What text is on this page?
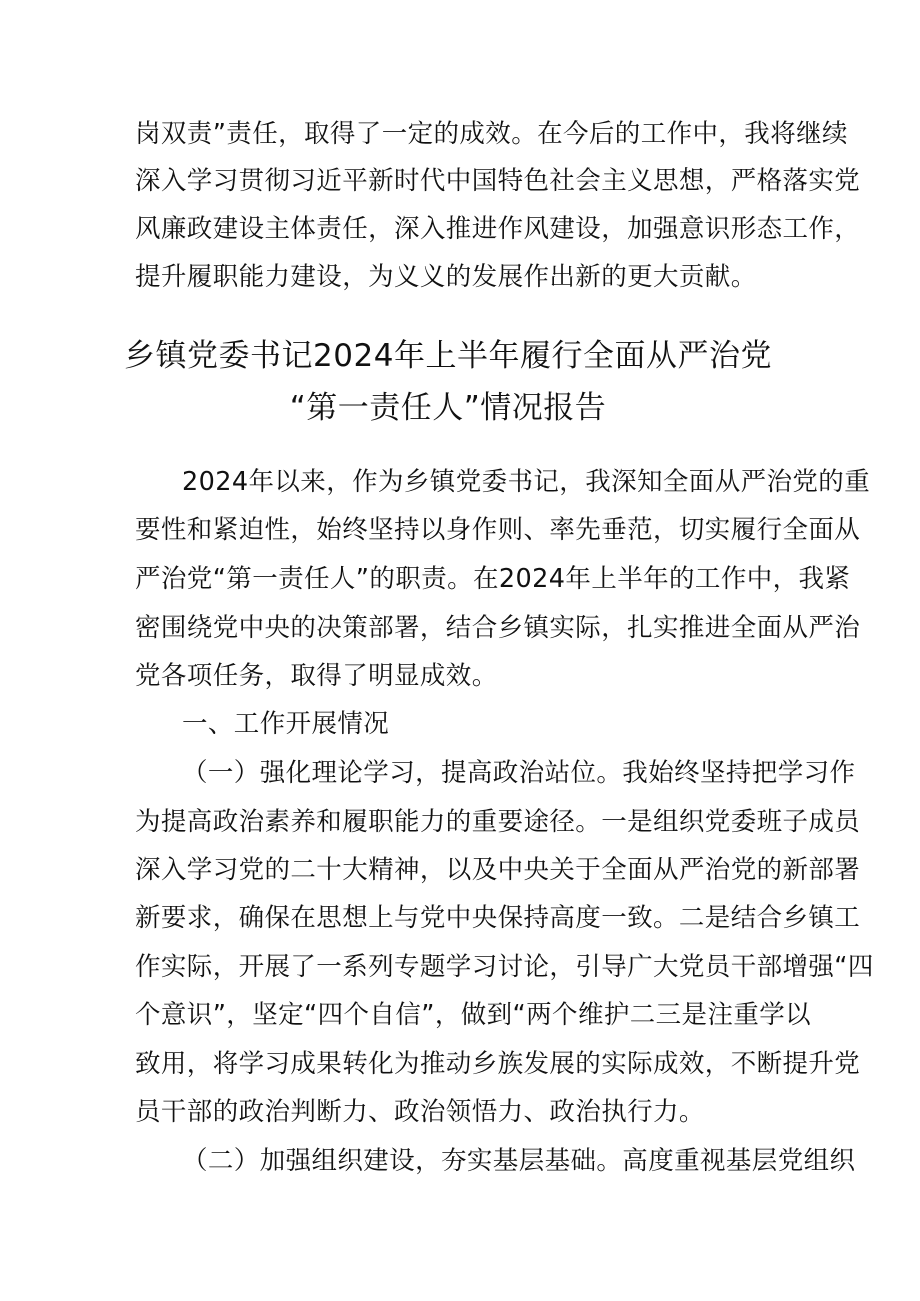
岗双责”责任，取得了一定的成效。在今后的工作中，我将继续
深入学习贯彻习近平新时代中国特色社会主义思想，严格落实党
风廉政建设主体责任，深入推进作风建设，加强意识形态工作，
提升履职能力建设，为义义的发展作出新的更大贡献。
乡镇党委书记2024年上半年履行全面从严治党
“第一责任人”情况报告
2024年以来，作为乡镇党委书记，我深知全面从严治党的重
要性和紧迫性，始终坚持以身作则、率先垂范，切实履行全面从
严治党“第一责任人”的职责。在2024年上半年的工作中，我紧
密围绕党中央的决策部署，结合乡镇实际，扎实推进全面从严治
党各项任务，取得了明显成效。
一、工作开展情况
（一）强化理论学习，提高政治站位。我始终坚持把学习作
为提高政治素养和履职能力的重要途径。一是组织党委班子成员
深入学习党的二十大精神，以及中央关于全面从严治党的新部署
新要求，确保在思想上与党中央保持高度一致。二是结合乡镇工
作实际，开展了一系列专题学习讨论，引导广大党员干部增强“四
个意识”，坚定“四个自信”，做到“两个维护二三是注重学以
致用，将学习成果转化为推动乡族发展的实际成效，不断提升党
员干部的政治判断力、政治领悟力、政治执行力。
（二）加强组织建设，夯实基层基础。高度重视基层党组织
